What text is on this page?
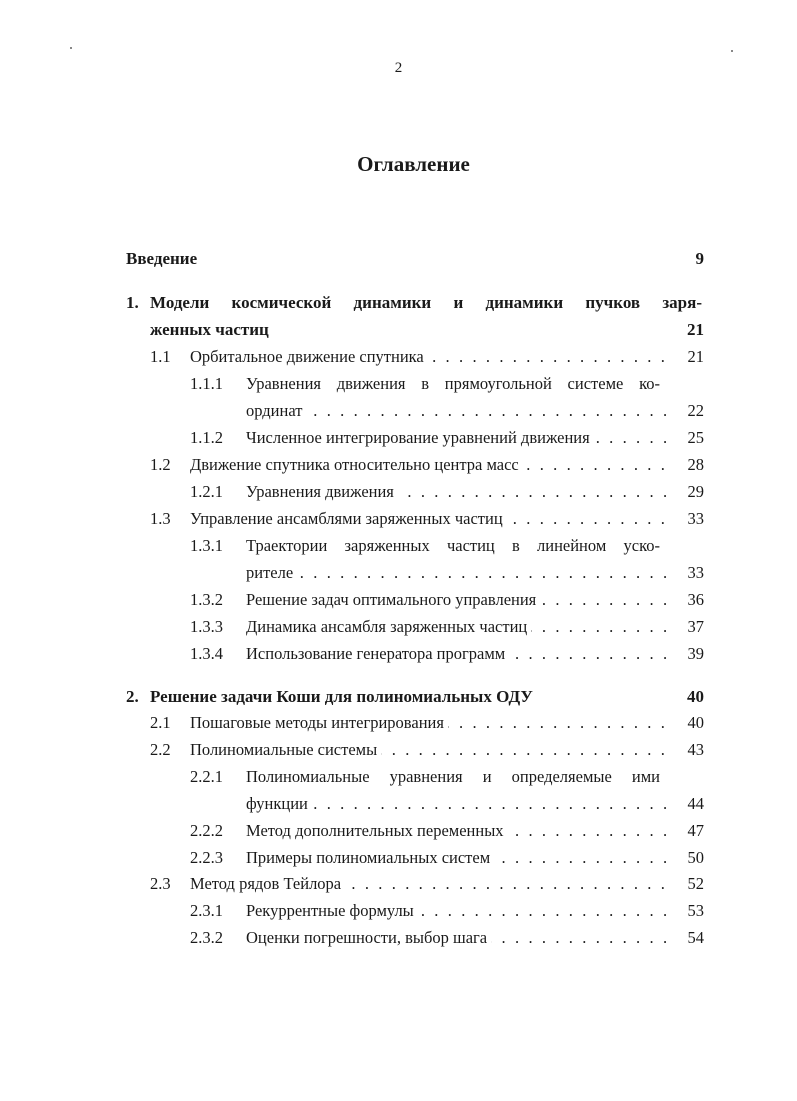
2
Оглавление
Введение	9
1. Модели космической динамики и динамики пучков заря-
женных частиц	21
1.1 Орбитальное движение спутника . . .	21
1.1.1 Уравнения движения в прямоугольной системе ко-
ординат . . .	22
1.1.2 Численное интегрирование уравнений движения . . .	25
1.2 Движение спутника относительно центра масс . . .	28
1.2.1 Уравнения движения . . .	29
1.3 Управление ансамблями заряженных частиц . . .	33
1.3.1 Траектории заряженных частиц в линейном уско-
рителе . . .	33
1.3.2 Решение задач оптимального управления . . .	36
1.3.3 Динамика ансамбля заряженных частиц . . .	37
1.3.4 Использование генератора программ . . .	39
2. Решение задачи Коши для полиномиальных ОДУ	40
2.1 Пошаговые методы интегрирования . . .	40
2.2 Полиномиальные системы . . .	43
2.2.1 Полиномиальные уравнения и определяемые ими
функции . . .	44
2.2.2 Метод дополнительных переменных . . .	47
2.2.3 Примеры полиномиальных систем . . .	50
2.3 Метод рядов Тейлора . . .	52
2.3.1 Рекуррентные формулы . . .	53
2.3.2 Оценки погрешности, выбор шага . . .	54
